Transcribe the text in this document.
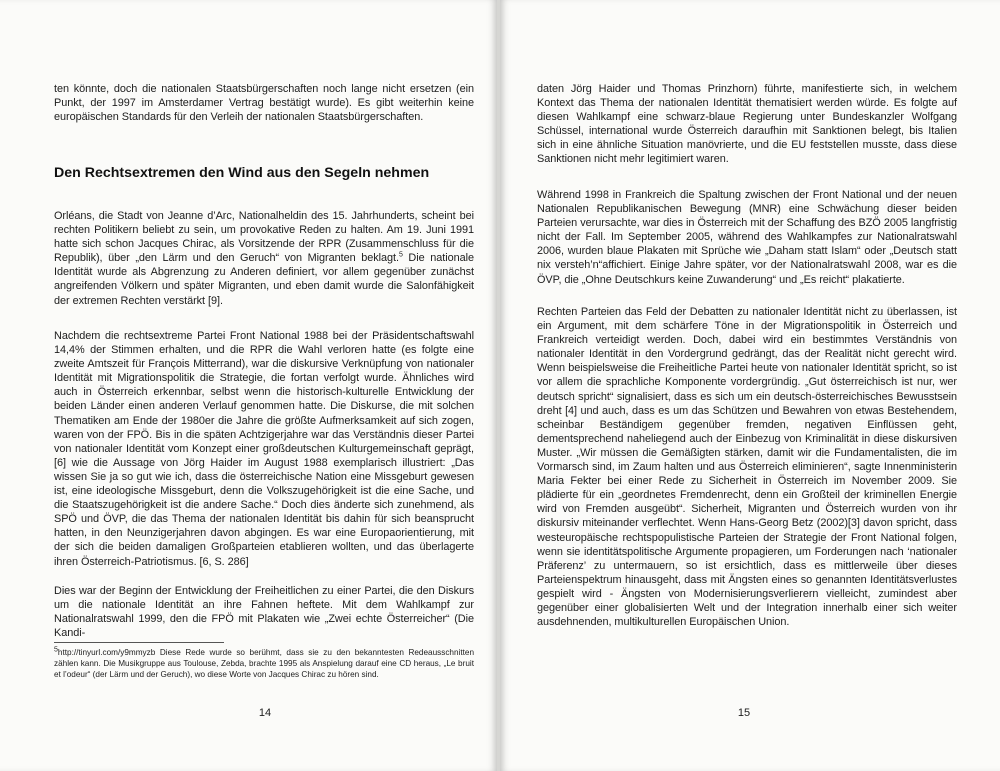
ten könnte, doch die nationalen Staatsbürgerschaften noch lange nicht ersetzen (ein Punkt, der 1997 im Amsterdamer Vertrag bestätigt wurde). Es gibt weiterhin keine europäischen Standards für den Verleih der nationalen Staatsbürgerschaften.

Den Rechtsextremen den Wind aus den Segeln nehmen

Orléans, die Stadt von Jeanne d’Arc, Nationalheldin des 15. Jahrhunderts, scheint bei rechten Politikern beliebt zu sein, um provokative Reden zu halten. Am 19. Juni 1991 hatte sich schon Jacques Chirac, als Vorsitzende der RPR (Zusammenschluss für die Republik), über „den Lärm und den Geruch“ von Migranten beklagt.$^5$ Die nationale Identität wurde als Abgrenzung zu Anderen definiert, vor allem gegenüber zunächst angreifenden Völkern und später Migranten, und eben damit wurde die Salonfähigkeit der extremen Rechten verstärkt [9].

Nachdem die rechtsextreme Partei Front National 1988 bei der Präsidentschaftswahl 14,4% der Stimmen erhalten, und die RPR die Wahl verloren hatte (es folgte eine zweite Amtszeit für François Mitterrand), war die diskursive Verknüpfung von nationaler Identität mit Migrationspolitik die Strategie, die fortan verfolgt wurde. Ähnliches wird auch in Österreich erkennbar, selbst wenn die historisch-kulturelle Entwicklung der beiden Länder einen anderen Verlauf genommen hatte. Die Diskurse, die mit solchen Thematiken am Ende der 1980er die Jahre die größte Aufmerksamkeit auf sich zogen, waren von der FPÖ. Bis in die späten Achtzigerjahre war das Verständnis dieser Partei von nationaler Identität vom Konzept einer großdeutschen Kulturgemeinschaft geprägt, [6] wie die Aussage von Jörg Haider im August 1988 exemplarisch illustriert: „Das wissen Sie ja so gut wie ich, dass die österreichische Nation eine Missgeburt gewesen ist, eine ideologische Missgeburt, denn die Volkszugehörigkeit ist die eine Sache, und die Staatszugehörigkeit ist die andere Sache.“ Doch dies änderte sich zunehmend, als SPÖ und ÖVP, die das Thema der nationalen Identität bis dahin für sich beansprucht hatten, in den Neunzigerjahren davon abgingen. Es war eine Europaorientierung, mit der sich die beiden damaligen Großparteien etablieren wollten, und das überlagerte ihren Österreich-Patriotismus. [6, S. 286]

Dies war der Beginn der Entwicklung der Freiheitlichen zu einer Partei, die den Diskurs um die nationale Identität an ihre Fahnen heftete. Mit dem Wahlkampf zur Nationalratswahl 1999, den die FPÖ mit Plakaten wie „Zwei echte Österreicher“ (Die Kandi-

$^5$http://tinyurl.com/y9mmyzb Diese Rede wurde so berühmt, dass sie zu den bekanntesten Redeausschnitten zählen kann. Die Musikgruppe aus Toulouse, Zebda, brachte 1995 als Anspielung darauf eine CD heraus, „Le bruit et l’odeur“ (der Lärm und der Geruch), wo diese Worte von Jacques Chirac zu hören sind.
14

daten Jörg Haider und Thomas Prinzhorn) führte, manifestierte sich, in welchem Kontext das Thema der nationalen Identität thematisiert werden würde. Es folgte auf diesen Wahlkampf eine schwarz-blaue Regierung unter Bundeskanzler Wolfgang Schüssel, international wurde Österreich daraufhin mit Sanktionen belegt, bis Italien sich in eine ähnliche Situation manövrierte, und die EU feststellen musste, dass diese Sanktionen nicht mehr legitimiert waren.

Während 1998 in Frankreich die Spaltung zwischen der Front National und der neuen Nationalen Republikanischen Bewegung (MNR) eine Schwächung dieser beiden Parteien verursachte, war dies in Österreich mit der Schaffung des BZÖ 2005 langfristig nicht der Fall. Im September 2005, während des Wahlkampfes zur Nationalratswahl 2006, wurden blaue Plakaten mit Sprüche wie „Daham statt Islam“ oder „Deutsch statt nix versteh’n“affichiert. Einige Jahre später, vor der Nationalratswahl 2008, war es die ÖVP, die „Ohne Deutschkurs keine Zuwanderung“ und „Es reicht“ plakatierte.

Rechten Parteien das Feld der Debatten zu nationaler Identität nicht zu überlassen, ist ein Argument, mit dem schärfere Töne in der Migrationspolitik in Österreich und Frankreich verteidigt werden. Doch, dabei wird ein bestimmtes Verständnis von nationaler Identität in den Vordergrund gedrängt, das der Realität nicht gerecht wird. Wenn beispielsweise die Freiheitliche Partei heute von nationaler Identität spricht, so ist vor allem die sprachliche Komponente vordergründig. „Gut österreichisch ist nur, wer deutsch spricht“ signalisiert, dass es sich um ein deutsch-österreichisches Bewusstsein dreht [4] und auch, dass es um das Schützen und Bewahren von etwas Bestehendem, scheinbar Beständigem gegenüber fremden, negativen Einflüssen geht, dementsprechend naheliegend auch der Einbezug von Kriminalität in diese diskursiven Muster. „Wir müssen die Gemäßigten stärken, damit wir die Fundamentalisten, die im Vormarsch sind, im Zaum halten und aus Österreich eliminieren“, sagte Innenministerin Maria Fekter bei einer Rede zu Sicherheit in Österreich im November 2009. Sie plädierte für ein „geordnetes Fremdenrecht, denn ein Großteil der kriminellen Energie wird von Fremden ausgeübt“. Sicherheit, Migranten und Österreich wurden von ihr diskursiv miteinander verflechtet. Wenn Hans-Georg Betz (2002)[3] davon spricht, dass westeuropäische rechtspopulistische Parteien der Strategie der Front National folgen, wenn sie identitätspolitische Argumente propagieren, um Forderungen nach ‘nationaler Präferenz’ zu untermauern, so ist ersichtlich, dass es mittlerweile über dieses Parteienspektrum hinausgeht, dass mit Ängsten eines so genannten Identitätsverlustes gespielt wird - Ängsten von Modernisierungsverlierern vielleicht, zumindest aber gegenüber einer globalisierten Welt und der Integration innerhalb einer sich weiter ausdehnenden, multikulturellen Europäischen Union.

15
